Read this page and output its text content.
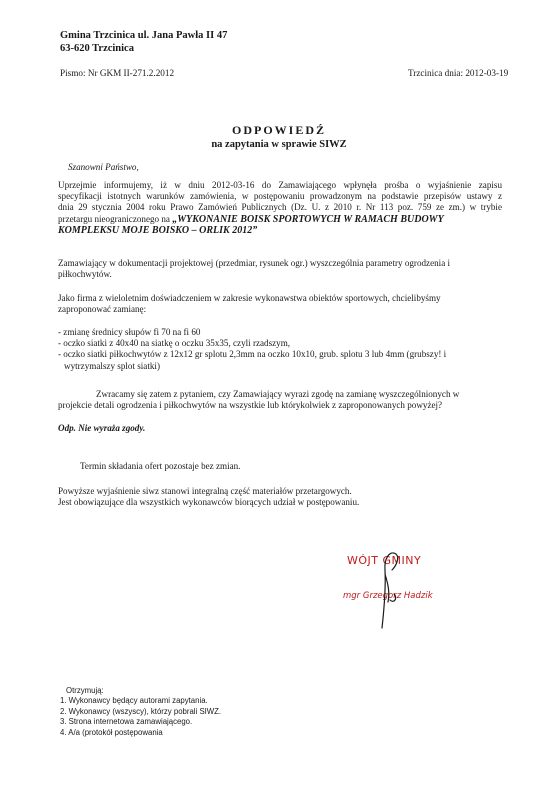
Gmina Trzcinica ul. Jana Pawła II 47
63-620 Trzcinica
Pismo: Nr GKM II-271.2.2012	Trzcinica dnia: 2012-03-19
ODPOWIEDŹ
na zapytania w sprawie SIWZ
Szanowni Państwo,
Uprzejmie informujemy, iż w dniu 2012-03-16 do Zamawiającego wpłynęła prośba o wyjaśnienie zapisu
specyfikacji istotnych warunków zamówienia, w postępowaniu prowadzonym na podstawie przepisów ustawy z
dnia 29 stycznia 2004 roku Prawo Zamówień Publicznych (Dz. U. z 2010 r. Nr 113 poz. 759 ze zm.) w trybie
przetargu nieograniczonego na „WYKONANIE BOISK SPORTOWYCH W RAMACH BUDOWY
KOMPLEKSU MOJE BOISKO – ORLIK 2012”
Zamawiający w dokumentacji projektowej (przedmiar, rysunek ogr.) wyszczególnia parametry ogrodzenia i
piłkochwytów.
Jako firma z wieloletnim doświadczeniem w zakresie wykonawstwa obiektów sportowych, chcielibyśmy
zaproponować zamianę:
- zmianę średnicy słupów fi 70 na fi 60
- oczko siatki z 40x40 na siatkę o oczku 35x35, czyli rzadszym,
- oczko siatki piłkochwytów z 12x12 gr splotu 2,3mm na oczko 10x10, grub. splotu 3 lub 4mm (grubszy! i
wytrzymalszy splot siatki)
Zwracamy się zatem z pytaniem, czy Zamawiający wyrazi zgodę na zamianę wyszczególnionych w
projekcie detali ogrodzenia i piłkochwytów na wszystkie lub którykolwiek z zaproponowanych powyżej?
Odp. Nie wyraża zgody.
Termin składania ofert pozostaje bez zmian.
Powyższe wyjaśnienie siwz stanowi integralną część materiałów przetargowych.
Jest obowiązujące dla wszystkich wykonawców biorących udział w postępowaniu.
WÓJT GMINY
mgr Grzegorz Hadzik
Otrzymują:
1. Wykonawcy będący autorami zapytania.
2. Wykonawcy (wszyscy), którzy pobrali SIWZ.
3. Strona internetowa zamawiającego.
4. A/a (protokół postępowania
